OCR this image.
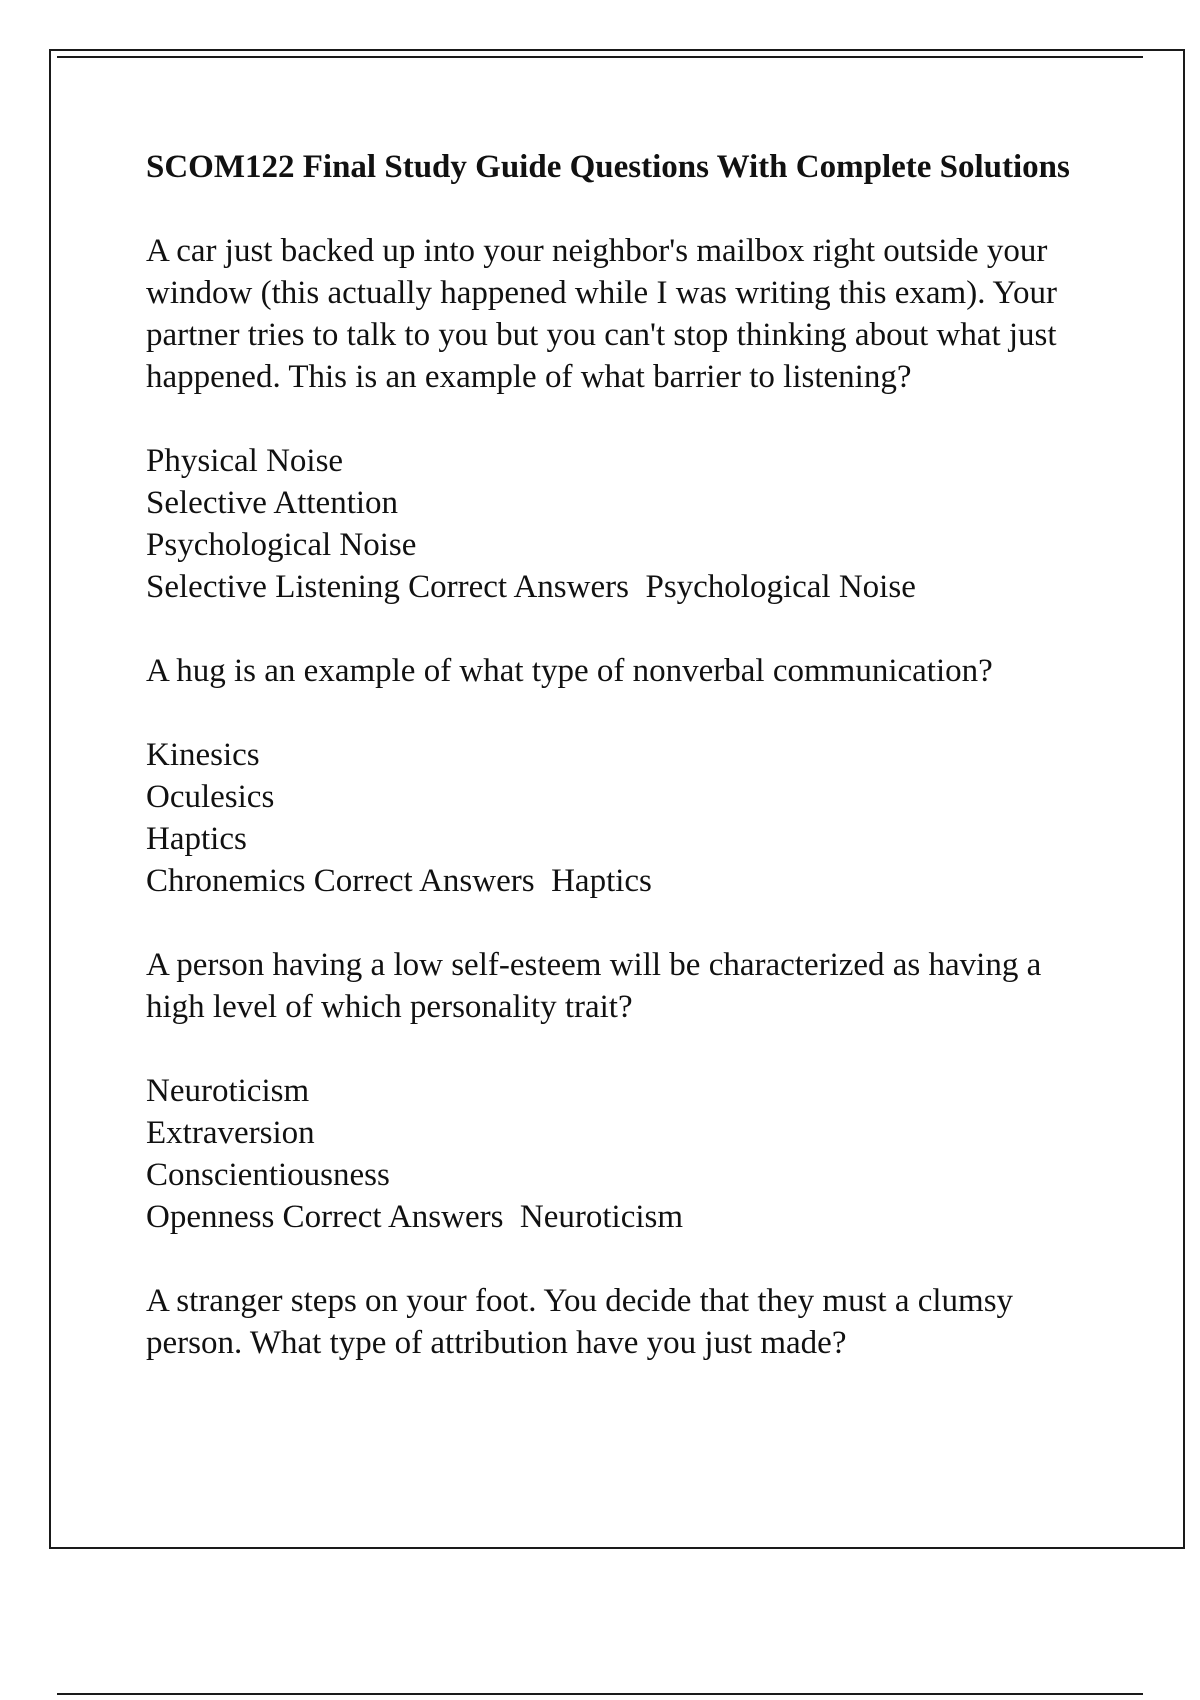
SCOM122 Final Study Guide Questions With Complete Solutions
A car just backed up into your neighbor's mailbox right outside your window (this actually happened while I was writing this exam). Your partner tries to talk to you but you can't stop thinking about what just happened. This is an example of what barrier to listening?
Physical Noise
Selective Attention
Psychological Noise
Selective Listening Correct Answers  Psychological Noise
A hug is an example of what type of nonverbal communication?
Kinesics
Oculesics
Haptics
Chronemics Correct Answers  Haptics
A person having a low self-esteem will be characterized as having a high level of which personality trait?
Neuroticism
Extraversion
Conscientiousness
Openness Correct Answers  Neuroticism
A stranger steps on your foot. You decide that they must a clumsy person. What type of attribution have you just made?
